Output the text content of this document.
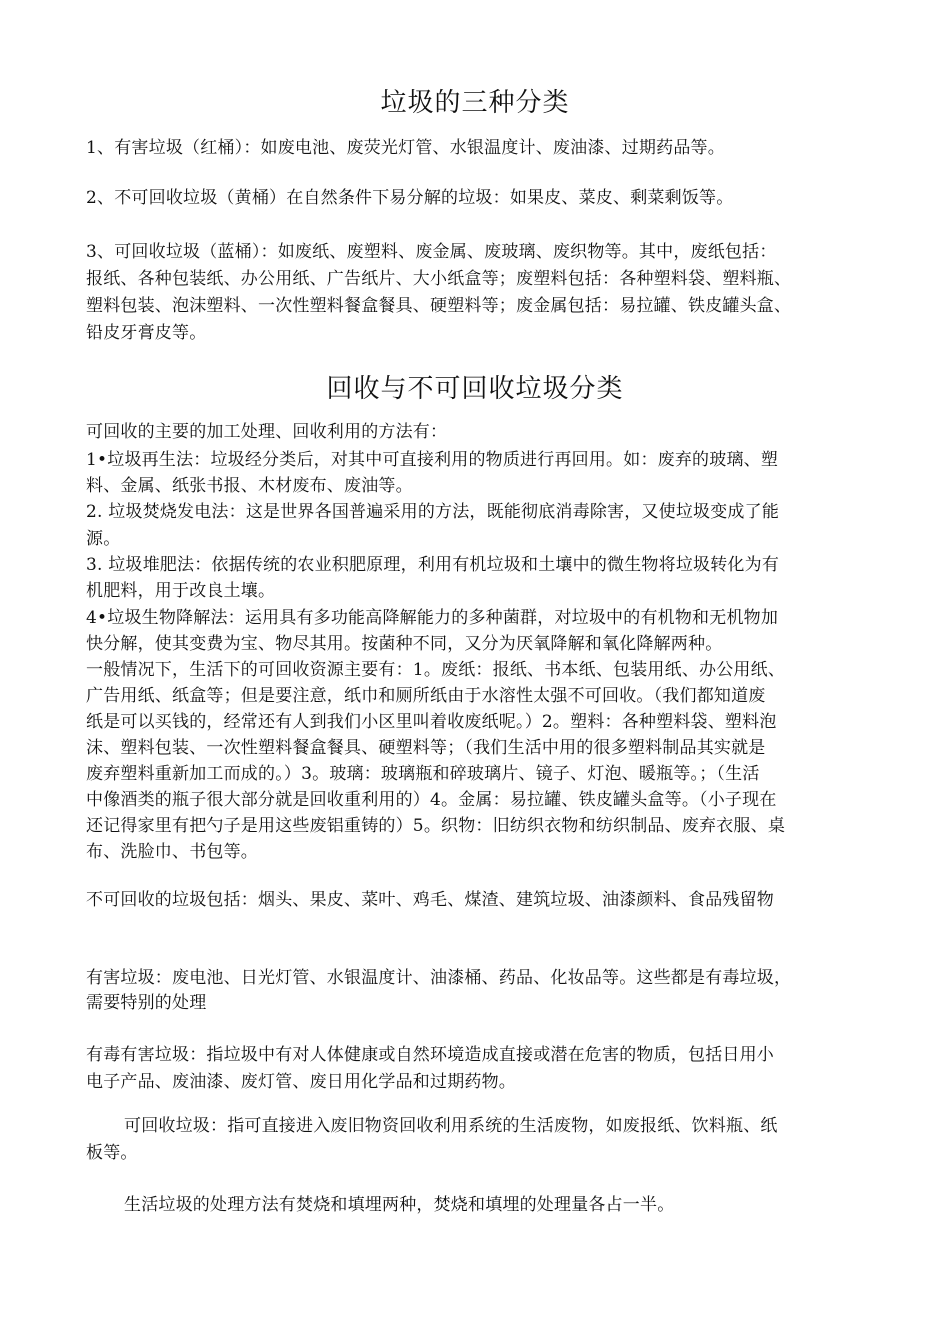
垃圾的三种分类
1、有害垃圾（红桶）：如废电池、废荧光灯管、水银温度计、废油漆、过期药品等。
2、不可回收垃圾（黄桶）在自然条件下易分解的垃圾：如果皮、菜皮、剩菜剩饭等。
3、可回收垃圾（蓝桶）：如废纸、废塑料、废金属、废玻璃、废织物等。其中，废纸包括：
报纸、各种包装纸、办公用纸、广告纸片、大小纸盒等；废塑料包括：各种塑料袋、塑料瓶、
塑料包装、泡沫塑料、一次性塑料餐盒餐具、硬塑料等；废金属包括：易拉罐、铁皮罐头盒、
铅皮牙膏皮等。
回收与不可回收垃圾分类
可回收的主要的加工处理、回收利用的方法有：
1•垃圾再生法：垃圾经分类后，对其中可直接利用的物质进行再回用。如：废弃的玻璃、塑
料、金属、纸张书报、木材废布、废油等。
2. 垃圾焚烧发电法：这是世界各国普遍采用的方法，既能彻底消毒除害，又使垃圾变成了能
源。
3. 垃圾堆肥法：依据传统的农业积肥原理，利用有机垃圾和土壤中的微生物将垃圾转化为有
机肥料，用于改良土壤。
4•垃圾生物降解法：运用具有多功能高降解能力的多种菌群，对垃圾中的有机物和无机物加
快分解，使其变费为宝、物尽其用。按菌种不同，又分为厌氧降解和氧化降解两种。
一般情况下，生活下的可回收资源主要有：1。废纸：报纸、书本纸、包装用纸、办公用纸、
广告用纸、纸盒等；但是要注意，纸巾和厕所纸由于水溶性太强不可回收。（我们都知道废
纸是可以买钱的，经常还有人到我们小区里叫着收废纸呢。）2。塑料：各种塑料袋、塑料泡
沫、塑料包装、一次性塑料餐盒餐具、硬塑料等；（我们生活中用的很多塑料制品其实就是
废弃塑料重新加工而成的。）3。玻璃：玻璃瓶和碎玻璃片、镜子、灯泡、暖瓶等。；（生活
中像酒类的瓶子很大部分就是回收重利用的）4。金属：易拉罐、铁皮罐头盒等。（小子现在
还记得家里有把勺子是用这些废铝重铸的）5。织物：旧纺织衣物和纺织制品、废弃衣服、桌
布、洗脸巾、书包等。
不可回收的垃圾包括：烟头、果皮、菜叶、鸡毛、煤渣、建筑垃圾、油漆颜料、食品残留物
有害垃圾：废电池、日光灯管、水银温度计、油漆桶、药品、化妆品等。这些都是有毒垃圾，
需要特别的处理
有毒有害垃圾：指垃圾中有对人体健康或自然环境造成直接或潜在危害的物质，包括日用小
电子产品、废油漆、废灯管、废日用化学品和过期药物。
可回收垃圾：指可直接进入废旧物资回收利用系统的生活废物，如废报纸、饮料瓶、纸
板等。
生活垃圾的处理方法有焚烧和填埋两种，焚烧和填埋的处理量各占一半。
